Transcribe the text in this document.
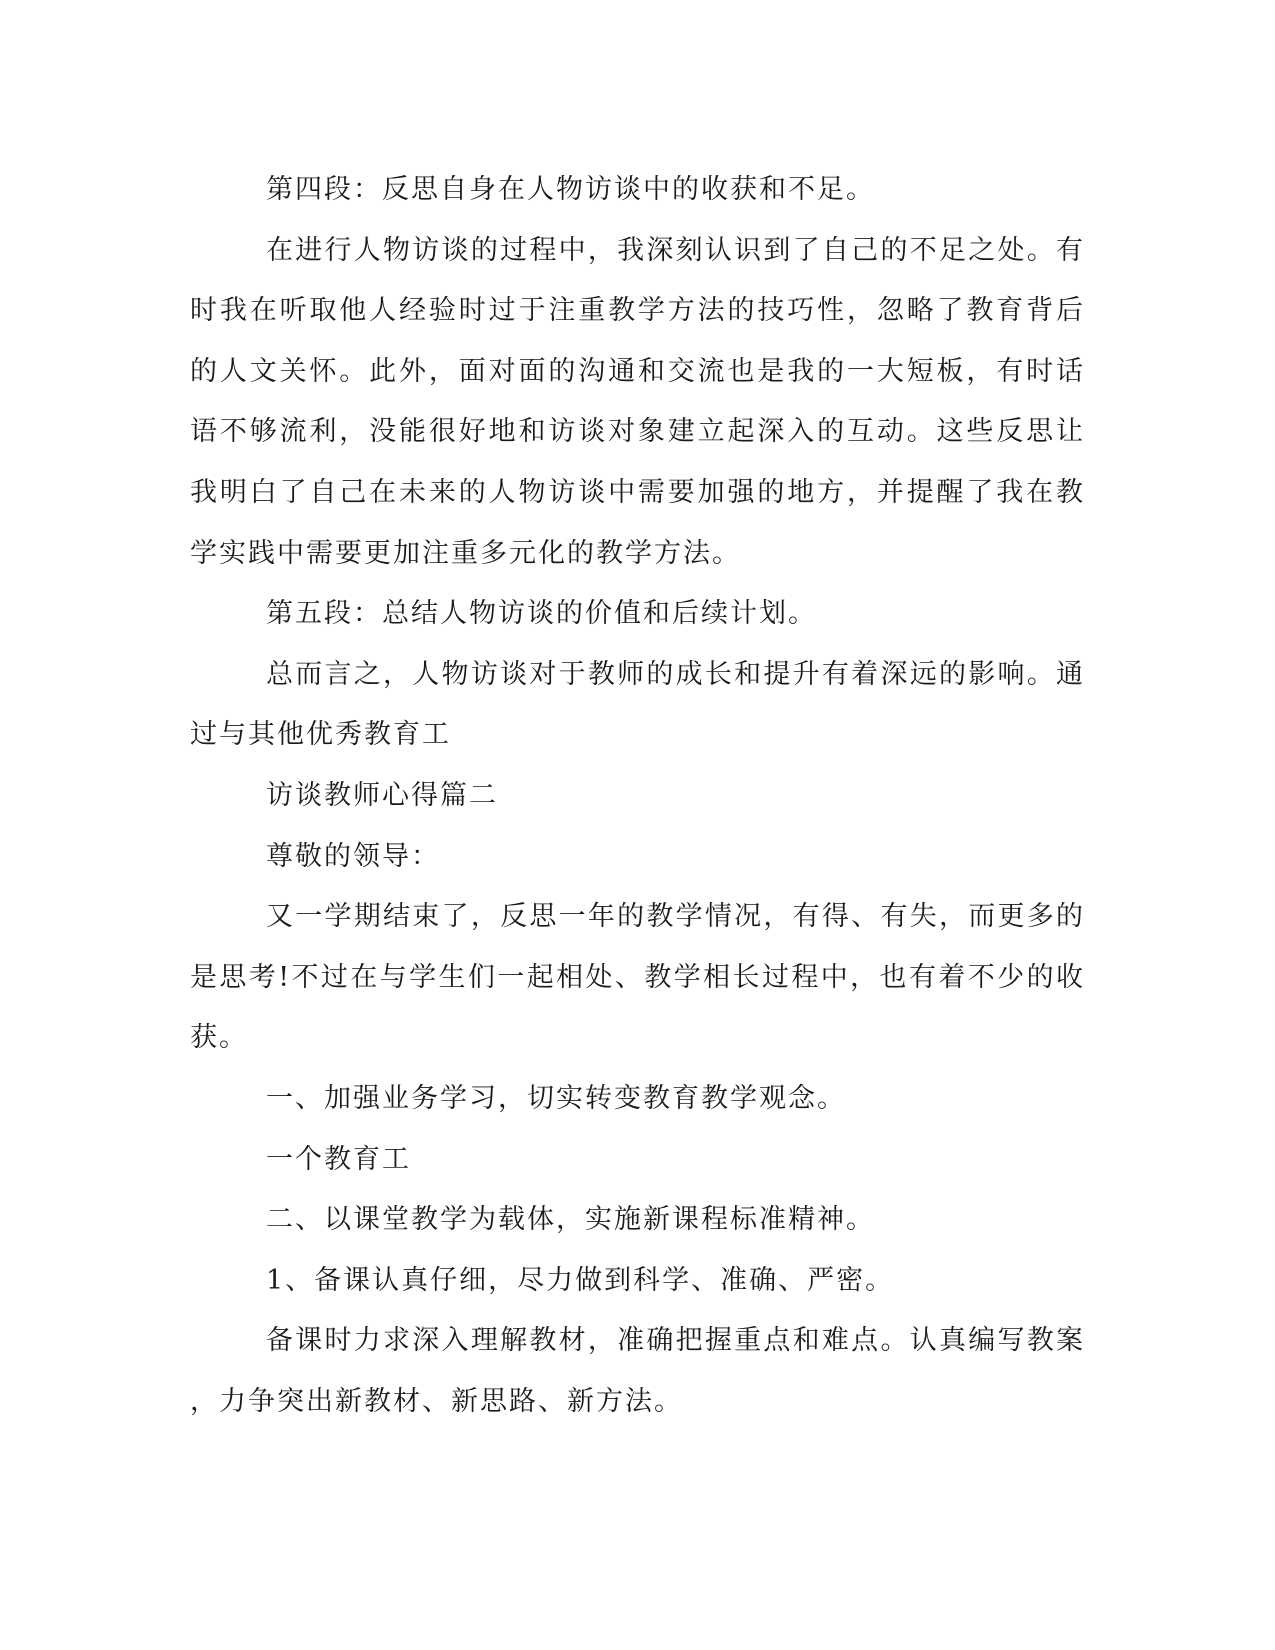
第四段：反思自身在人物访谈中的收获和不足。
在进行人物访谈的过程中，我深刻认识到了自己的不足之处。有
时我在听取他人经验时过于注重教学方法的技巧性，忽略了教育背后
的人文关怀。此外，面对面的沟通和交流也是我的一大短板，有时话
语不够流利，没能很好地和访谈对象建立起深入的互动。这些反思让
我明白了自己在未来的人物访谈中需要加强的地方，并提醒了我在教
学实践中需要更加注重多元化的教学方法。
第五段：总结人物访谈的价值和后续计划。
总而言之，人物访谈对于教师的成长和提升有着深远的影响。通
过与其他优秀教育工
访谈教师心得篇二
尊敬的领导：
又一学期结束了，反思一年的教学情况，有得、有失，而更多的
是思考!不过在与学生们一起相处、教学相长过程中，也有着不少的收
获。
一、加强业务学习，切实转变教育教学观念。
一个教育工
二、以课堂教学为载体，实施新课程标准精神。
1、备课认真仔细，尽力做到科学、准确、严密。
备课时力求深入理解教材，准确把握重点和难点。认真编写教案
，力争突出新教材、新思路、新方法。
